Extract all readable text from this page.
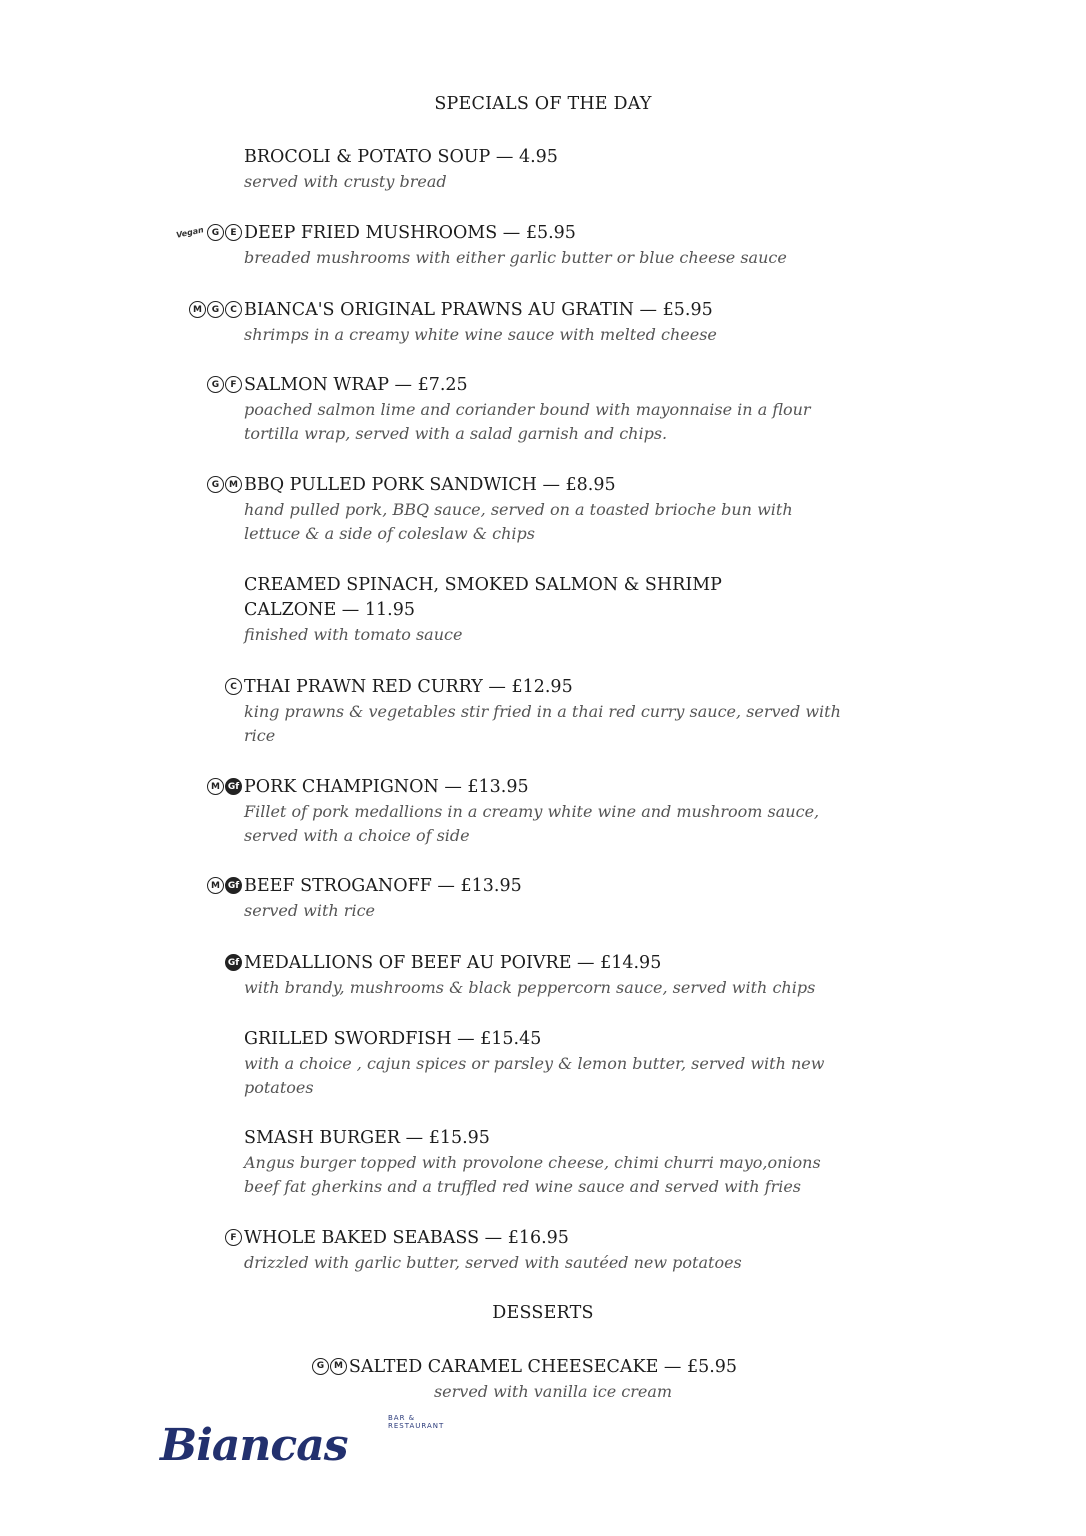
SPECIALS OF THE DAY
BROCOLI & POTATO SOUP — 4.95
served with crusty bread
Vegan G	E DEEP FRIED MUSHROOMS — £5.95
breaded mushrooms with either garlic butter or blue cheese sauce
M	G	C BIANCA'S ORIGINAL PRAWNS AU GRATIN — £5.95
shrimps in a creamy white wine sauce with melted cheese
G	F SALMON WRAP — £7.25
poached salmon lime and coriander bound with mayonnaise in a flour tortilla wrap, served with a salad garnish and chips.
G	M BBQ PULLED PORK SANDWICH — £8.95
hand pulled pork, BBQ sauce, served on a toasted brioche bun with lettuce & a side of coleslaw & chips
CREAMED SPINACH, SMOKED SALMON & SHRIMP CALZONE — 11.95
finished with tomato sauce
C THAI PRAWN RED CURRY — £12.95
king prawns & vegetables stir fried in a thai red curry sauce, served with rice
M Gf PORK CHAMPIGNON — £13.95
Fillet of pork medallions in a creamy white wine and mushroom sauce, served with a choice of side
M Gf BEEF STROGANOFF — £13.95
served with rice
Gf MEDALLIONS OF BEEF AU POIVRE — £14.95
with brandy, mushrooms & black peppercorn sauce, served with chips
GRILLED SWORDFISH — £15.45
with a choice , cajun spices or parsley & lemon butter, served with new potatoes
SMASH BURGER — £15.95
Angus burger topped with provolone cheese, chimi churri mayo,onions beef fat gherkins and a truffled red wine sauce and served with fries
F WHOLE BAKED SEABASS — £16.95
drizzled with garlic butter, served with sautéed new potatoes
DESSERTS
G	M SALTED CARAMEL CHEESECAKE — £5.95
served with vanilla ice cream
Biancas
BAR & RESTAURANT
